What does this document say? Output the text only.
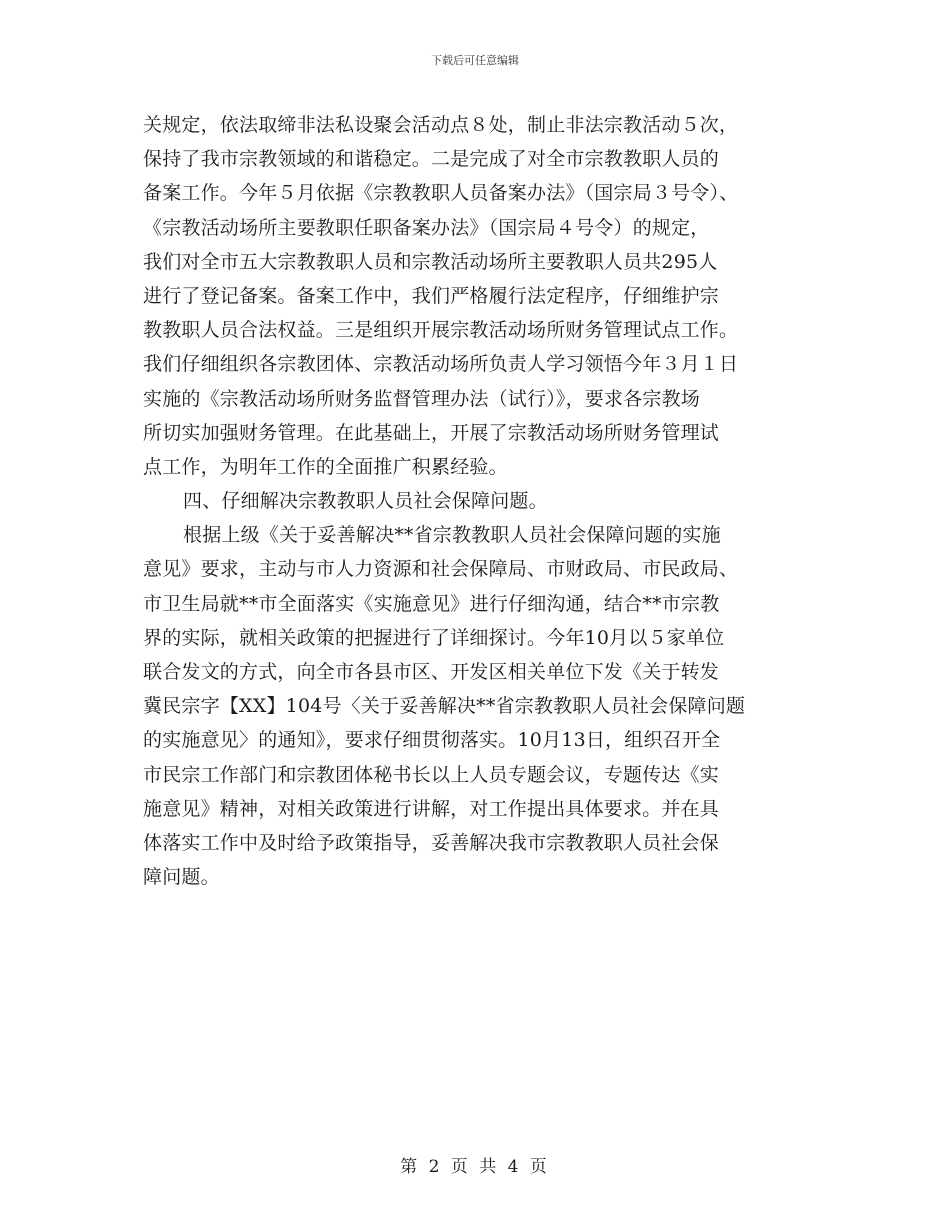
下载后可任意编辑
关规定，依法取缔非法私设聚会活动点８处，制止非法宗教活动５次，
保持了我市宗教领域的和谐稳定。二是完成了对全市宗教教职人员的
备案工作。今年５月依据《宗教教职人员备案办法》（国宗局３号令）、
《宗教活动场所主要教职任职备案办法》（国宗局４号令）的规定，
我们对全市五大宗教教职人员和宗教活动场所主要教职人员共295人
进行了登记备案。备案工作中，我们严格履行法定程序，仔细维护宗
教教职人员合法权益。三是组织开展宗教活动场所财务管理试点工作。
我们仔细组织各宗教团体、宗教活动场所负责人学习领悟今年３月１日
实施的《宗教活动场所财务监督管理办法（试行）》，要求各宗教场
所切实加强财务管理。在此基础上，开展了宗教活动场所财务管理试
点工作，为明年工作的全面推广积累经验。
四、仔细解决宗教教职人员社会保障问题。
根据上级《关于妥善解决**省宗教教职人员社会保障问题的实施
意见》要求，主动与市人力资源和社会保障局、市财政局、市民政局、
市卫生局就**市全面落实《实施意见》进行仔细沟通，结合**市宗教
界的实际，就相关政策的把握进行了详细探讨。今年10月以５家单位
联合发文的方式，向全市各县市区、开发区相关单位下发《关于转发
冀民宗字【XX】104号〈关于妥善解决**省宗教教职人员社会保障问题
的实施意见〉的通知》，要求仔细贯彻落实。10月13日，组织召开全
市民宗工作部门和宗教团体秘书长以上人员专题会议，专题传达《实
施意见》精神，对相关政策进行讲解，对工作提出具体要求。并在具
体落实工作中及时给予政策指导，妥善解决我市宗教教职人员社会保
障问题。
第 2 页 共 4 页
